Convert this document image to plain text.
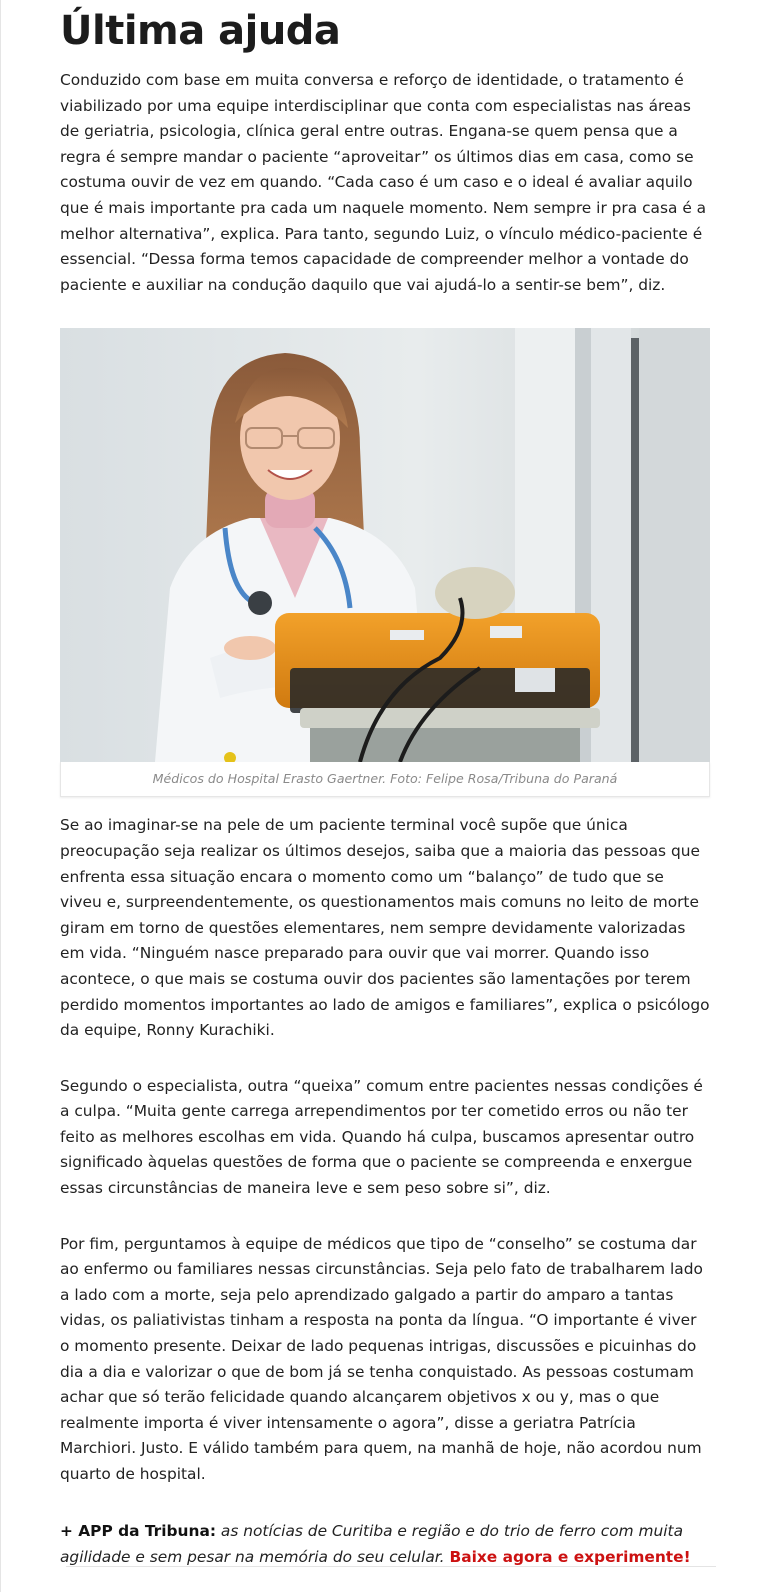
Última ajuda

Conduzido com base em muita conversa e reforço de identidade, o tratamento é viabilizado por uma equipe interdisciplinar que conta com especialistas nas áreas de geriatria, psicologia, clínica geral entre outras. Engana-se quem pensa que a regra é sempre mandar o paciente “aproveitar” os últimos dias em casa, como se costuma ouvir de vez em quando. “Cada caso é um caso e o ideal é avaliar aquilo que é mais importante pra cada um naquele momento. Nem sempre ir pra casa é a melhor alternativa”, explica. Para tanto, segundo Luiz, o vínculo médico-paciente é essencial. “Dessa forma temos capacidade de compreender melhor a vontade do paciente e auxiliar na condução daquilo que vai ajudá-lo a sentir-se bem”, diz.

Médicos do Hospital Erasto Gaertner. Foto: Felipe Rosa/Tribuna do Paraná

Se ao imaginar-se na pele de um paciente terminal você supõe que única preocupação seja realizar os últimos desejos, saiba que a maioria das pessoas que enfrenta essa situação encara o momento como um “balanço” de tudo que se viveu e, surpreendentemente, os questionamentos mais comuns no leito de morte giram em torno de questões elementares, nem sempre devidamente valorizadas em vida. “Ninguém nasce preparado para ouvir que vai morrer. Quando isso acontece, o que mais se costuma ouvir dos pacientes são lamentações por terem perdido momentos importantes ao lado de amigos e familiares”, explica o psicólogo da equipe, Ronny Kurachiki.

Segundo o especialista, outra “queixa” comum entre pacientes nessas condições é a culpa. “Muita gente carrega arrependimentos por ter cometido erros ou não ter feito as melhores escolhas em vida. Quando há culpa, buscamos apresentar outro significado àquelas questões de forma que o paciente se compreenda e enxergue essas circunstâncias de maneira leve e sem peso sobre si”, diz.

Por fim, perguntamos à equipe de médicos que tipo de “conselho” se costuma dar ao enfermo ou familiares nessas circunstâncias. Seja pelo fato de trabalharem lado a lado com a morte, seja pelo aprendizado galgado a partir do amparo a tantas vidas, os paliativistas tinham a resposta na ponta da língua. “O importante é viver o momento presente. Deixar de lado pequenas intrigas, discussões e picuinhas do dia a dia e valorizar o que de bom já se tenha conquistado. As pessoas costumam achar que só terão felicidade quando alcançarem objetivos x ou y, mas o que realmente importa é viver intensamente o agora”, disse a geriatra Patrícia Marchiori. Justo. E válido também para quem, na manhã de hoje, não acordou num quarto de hospital.

+ APP da Tribuna: as notícias de Curitiba e região e do trio de ferro com muita agilidade e sem pesar na memória do seu celular. Baixe agora e experimente!
